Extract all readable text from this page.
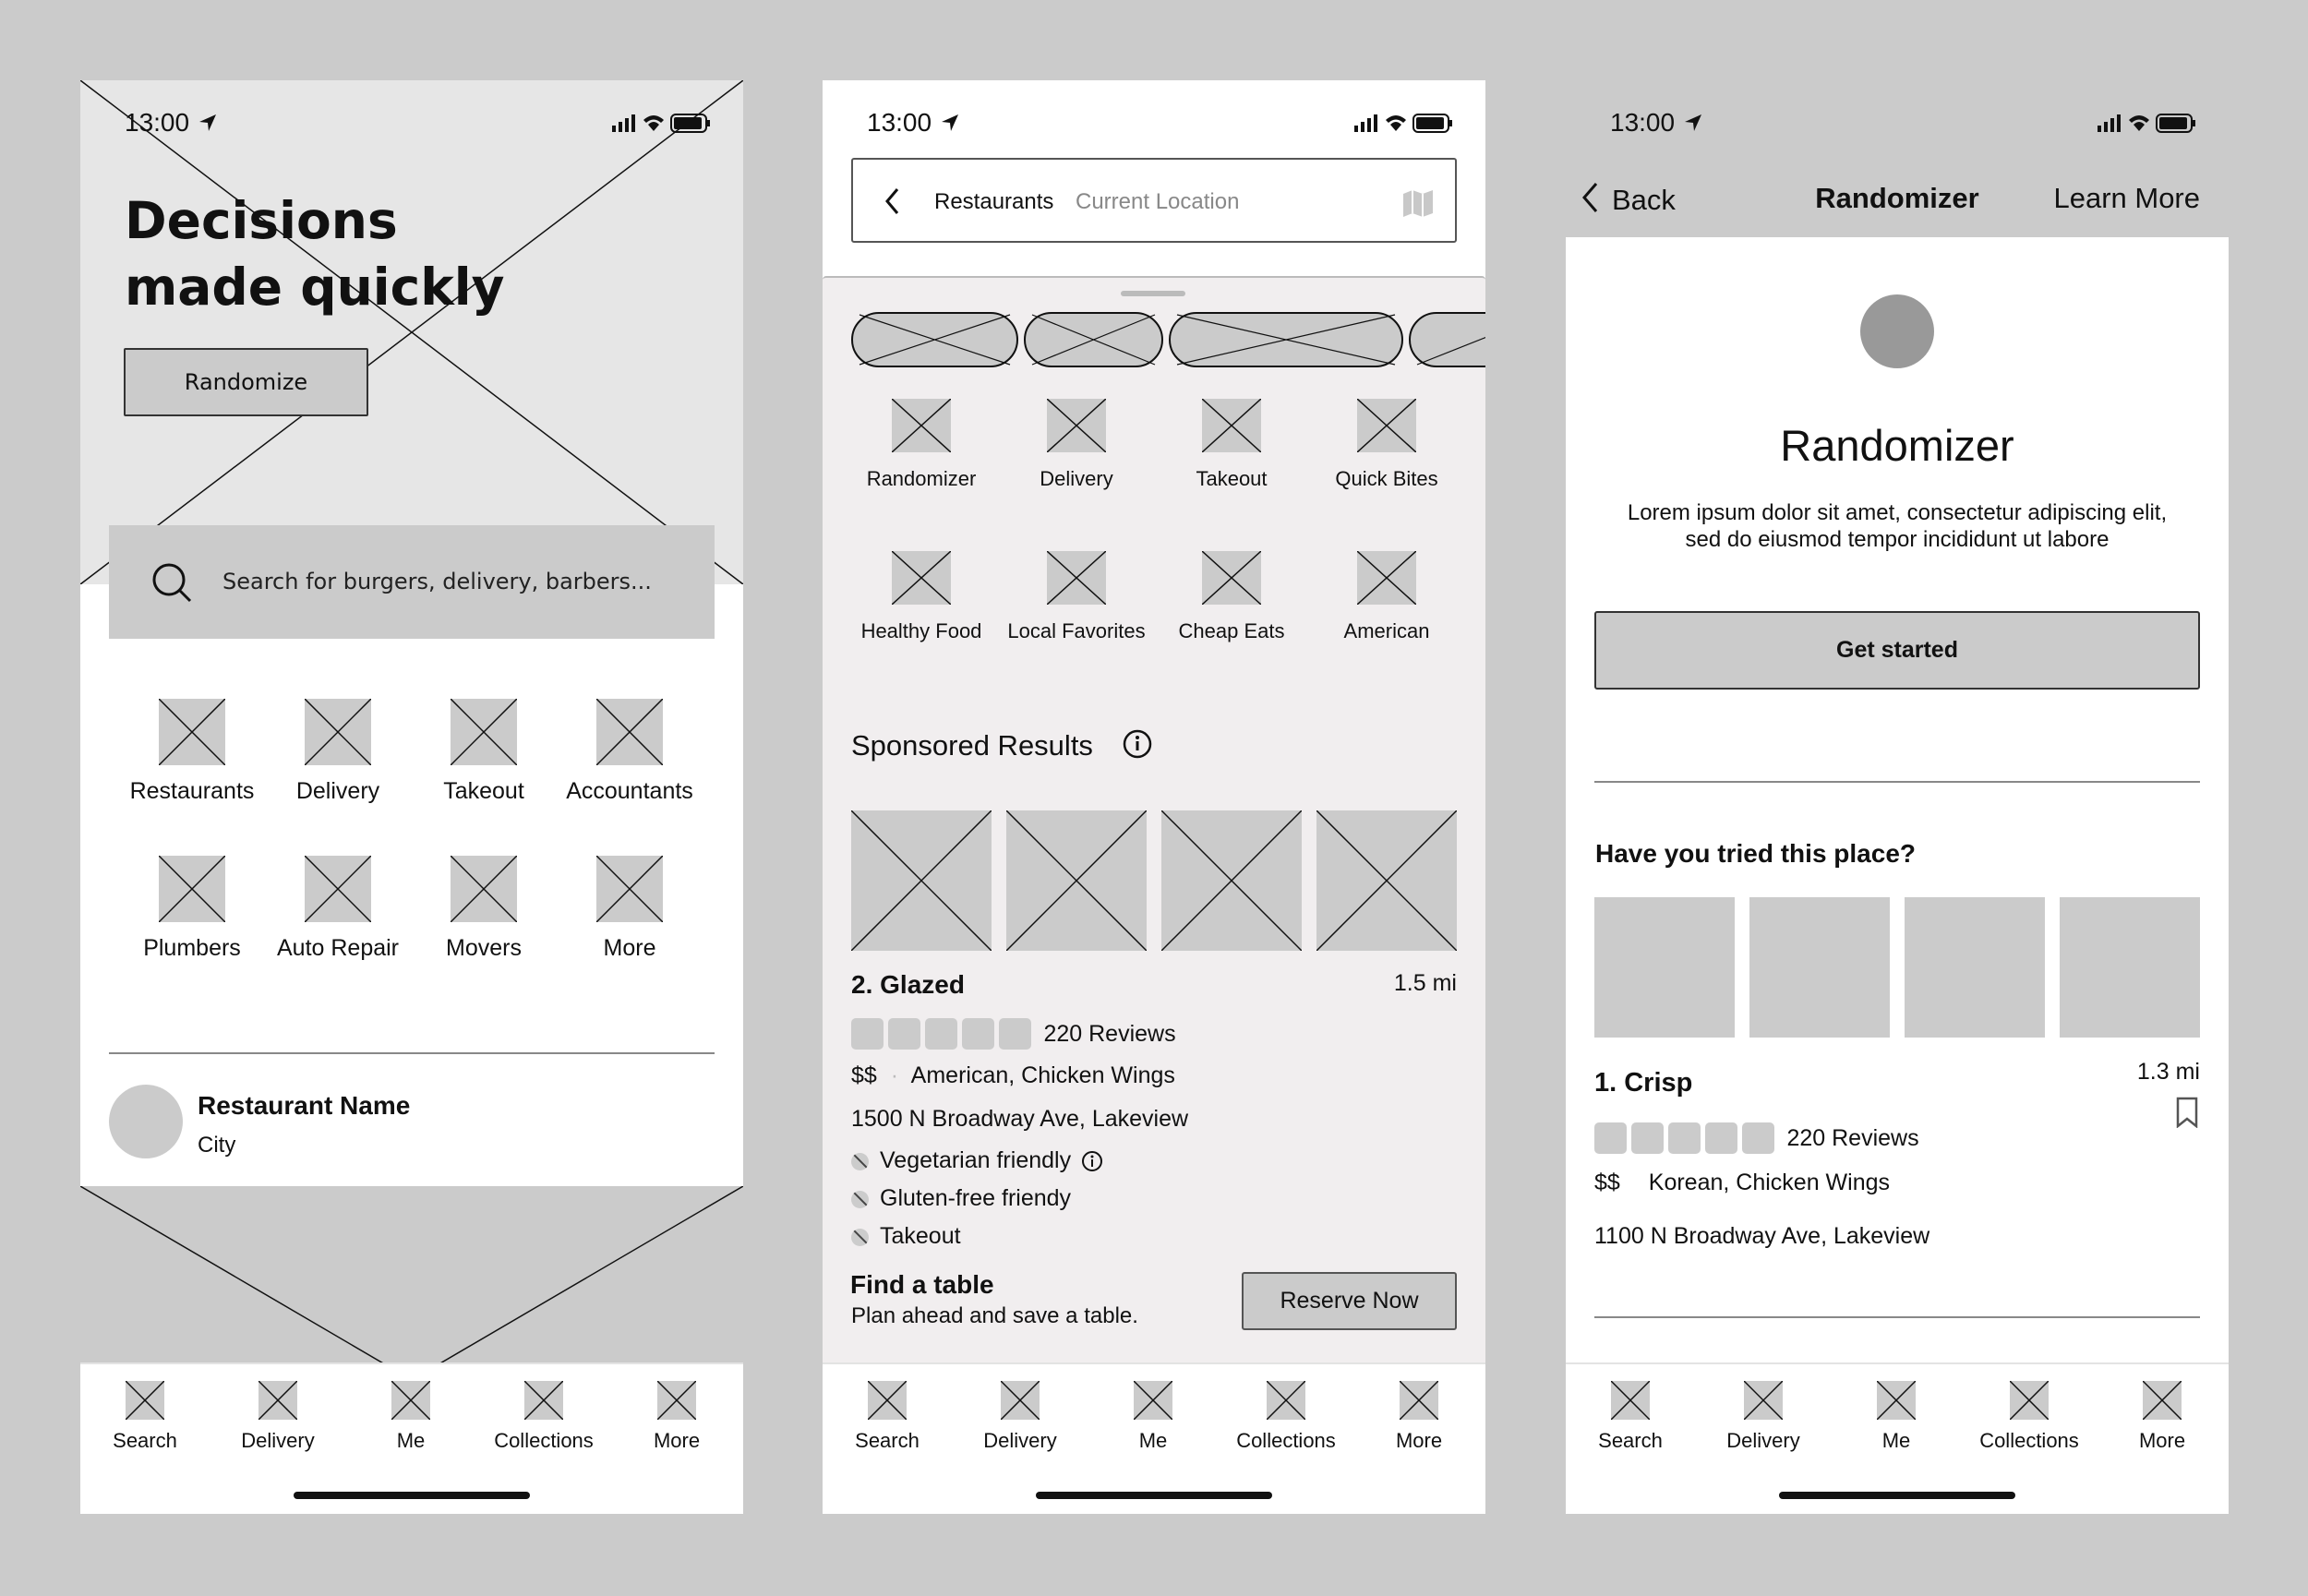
13:00
Decisions
made quickly
Randomize
Search for burgers, delivery, barbers...
Restaurants	Delivery	Takeout	Accountants
Plumbers	Auto Repair	Movers	More
Restaurant Name
City
Search	Delivery	Me	Collections	More
13:00
Restaurants Current Location
Randomizer	Delivery	Takeout	Quick Bites
Healthy Food	Local Favorites	Cheap Eats	American
Sponsored Results
2. Glazed	1.5 mi
220 Reviews
$$ · American, Chicken Wings
1500 N Broadway Ave, Lakeview
Vegetarian friendly
Gluten-free friendy
Takeout
Find a table
Plan ahead and save a table.
Reserve Now
Search	Delivery	Me	Collections	More
13:00
Back	Randomizer	Learn More
Randomizer
Lorem ipsum dolor sit amet, consectetur adipiscing elit,
sed do eiusmod tempor incididunt ut labore
Get started
Have you tried this place?
1. Crisp	1.3 mi
220 Reviews
$$ Korean, Chicken Wings
1100 N Broadway Ave, Lakeview
Search	Delivery	Me	Collections	More
